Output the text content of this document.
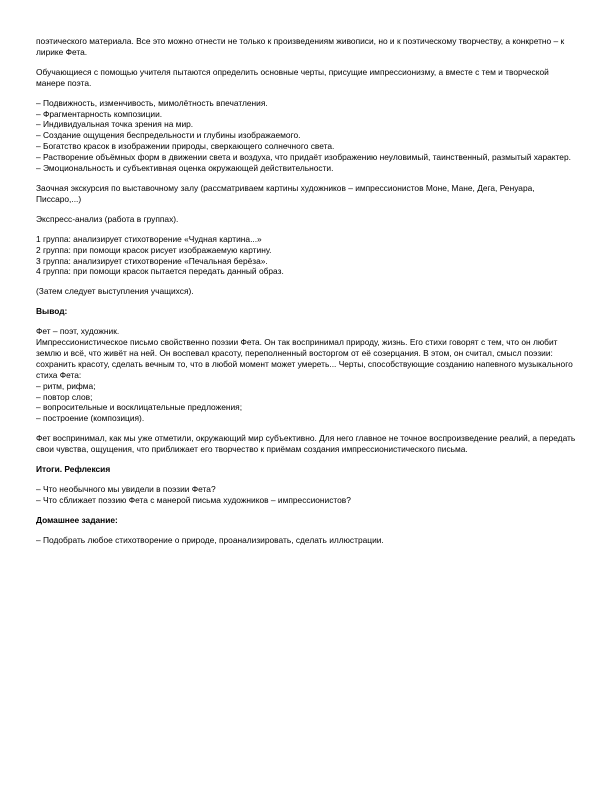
поэтического материала. Все это можно отнести не только к произведениям живописи, но и к поэтическому творчеству, а конкретно – к лирике Фета.

Обучающиеся с помощью учителя пытаются определить основные черты, присущие импрессионизму, а вместе с тем и творческой манере поэта.

– Подвижность, изменчивость, мимолётность впечатления.
– Фрагментарность композиции.
– Индивидуальная точка зрения на мир.
– Создание ощущения беспредельности и глубины изображаемого.
– Богатство красок в изображении природы, сверкающего солнечного света.
– Растворение объёмных форм в движении света и воздуха, что придаёт изображению неуловимый, таинственный, размытый характер.
– Эмоциональность и субъективная оценка окружающей действительности.

Заочная экскурсия по выставочному залу (рассматриваем картины художников – импрессионистов Моне, Мане, Дега, Ренуара, Писсаро,...)

Экспресс-анализ (работа в группах).

1 группа: анализирует стихотворение «Чудная картина...»
2 группа: при помощи красок рисует изображаемую картину.
3 группа: анализирует стихотворение «Печальная берёза».
4 группа: при помощи красок пытается передать данный образ.

(Затем следует выступления учащихся).

Вывод:

Фет – поэт, художник.
Импрессионистическое письмо свойственно поэзии Фета. Он так воспринимал природу, жизнь. Его стихи говорят с тем, что он любит землю и всё, что живёт на ней. Он воспевал красоту, переполненный восторгом от её созерцания. В этом, он считал, смысл поэзии: сохранить красоту, сделать вечным то, что в любой момент может умереть... Черты, способствующие созданию напевного музыкального стиха Фета:
– ритм, рифма;
– повтор слов;
– вопросительные и восклицательные предложения;
– построение (композиция).

Фет воспринимал, как мы уже отметили, окружающий мир субъективно. Для него главное не точное воспроизведение реалий, а передать свои чувства, ощущения, что приближает его творчество к приёмам создания импрессионистического письма.

Итоги. Рефлексия

– Что необычного мы увидели в поэзии Фета?
– Что сближает поэзию Фета с манерой письма художников – импрессионистов?

Домашнее задание:

– Подобрать любое стихотворение о природе, проанализировать, сделать иллюстрации.
